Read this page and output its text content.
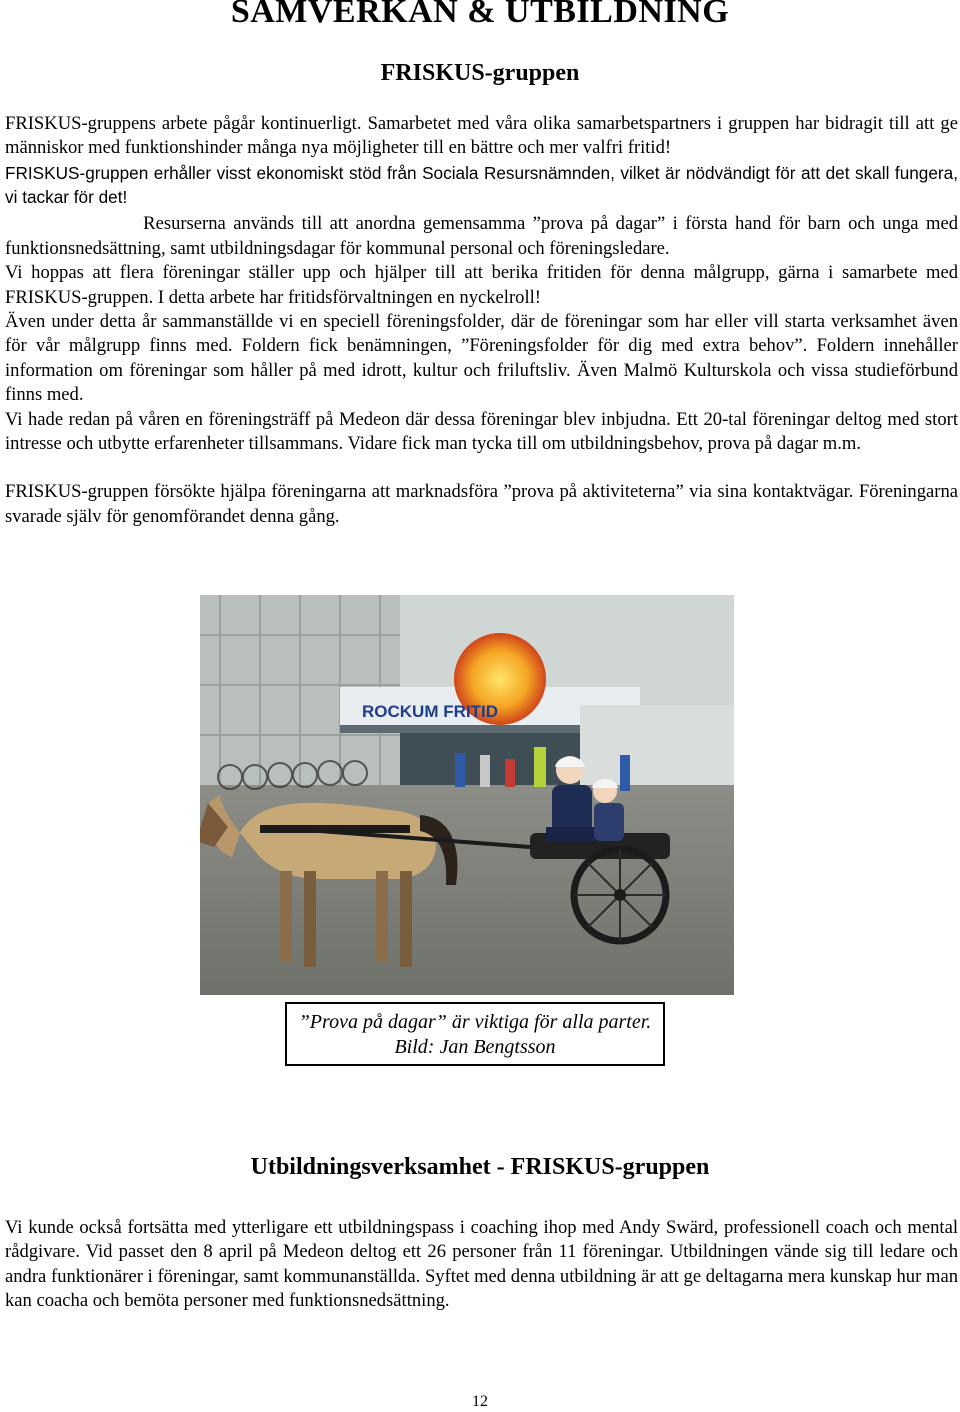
SAMVERKAN & UTBILDNING
FRISKUS-gruppen

FRISKUS-gruppens arbete pågår kontinuerligt. Samarbetet med våra olika samarbetspartners i gruppen har bidragit till att ge människor med funktionshinder många nya möjligheter till en bättre och mer valfri fritid!

FRISKUS-gruppen erhåller visst ekonomiskt stöd från Sociala Resursnämnden, vilket är nödvändigt för att det skall fungera, vi tackar för det!

Resurserna används till att anordna gemensamma ”prova på dagar” i första hand för barn och unga med funktionsnedsättning, samt utbildningsdagar för kommunal personal och föreningsledare.

Vi hoppas att flera föreningar ställer upp och hjälper till att berika fritiden för denna målgrupp, gärna i samarbete med FRISKUS-gruppen. I detta arbete har fritidsförvaltningen en nyckelroll!

Även under detta år sammanställde vi en speciell föreningsfolder, där de föreningar som har eller vill starta verksamhet även för vår målgrupp finns med. Foldern fick benämningen, ”Föreningsfolder för dig med extra behov”. Foldern innehåller information om föreningar som håller på med idrott, kultur och friluftsliv. Även Malmö Kulturskola och vissa studieförbund finns med.

Vi hade redan på våren en föreningsträff på Medeon där dessa föreningar blev inbjudna. Ett 20-tal föreningar deltog med stort intresse och utbytte erfarenheter tillsammans. Vidare fick man tycka till om utbildningsbehov, prova på dagar m.m.

FRISKUS-gruppen försökte hjälpa föreningarna att marknadsföra ”prova på aktiviteterna” via sina kontaktvägar. Föreningarna svarade själv för genomförandet denna gång.

ROCKUM FRITID
”Prova på dagar” är viktiga för alla parter. Bild: Jan Bengtsson
Utbildningsverksamhet - FRISKUS-gruppen

Vi kunde också fortsätta med ytterligare ett utbildningspass i coaching ihop med Andy Swärd, professionell coach och mental rådgivare. Vid passet den 8 april på Medeon deltog ett 26 personer från 11 föreningar. Utbildningen vände sig till ledare och andra funktionärer i föreningar, samt kommunanställda. Syftet med denna utbildning är att ge deltagarna mera kunskap hur man kan coacha och bemöta personer med funktionsnedsättning.

12
